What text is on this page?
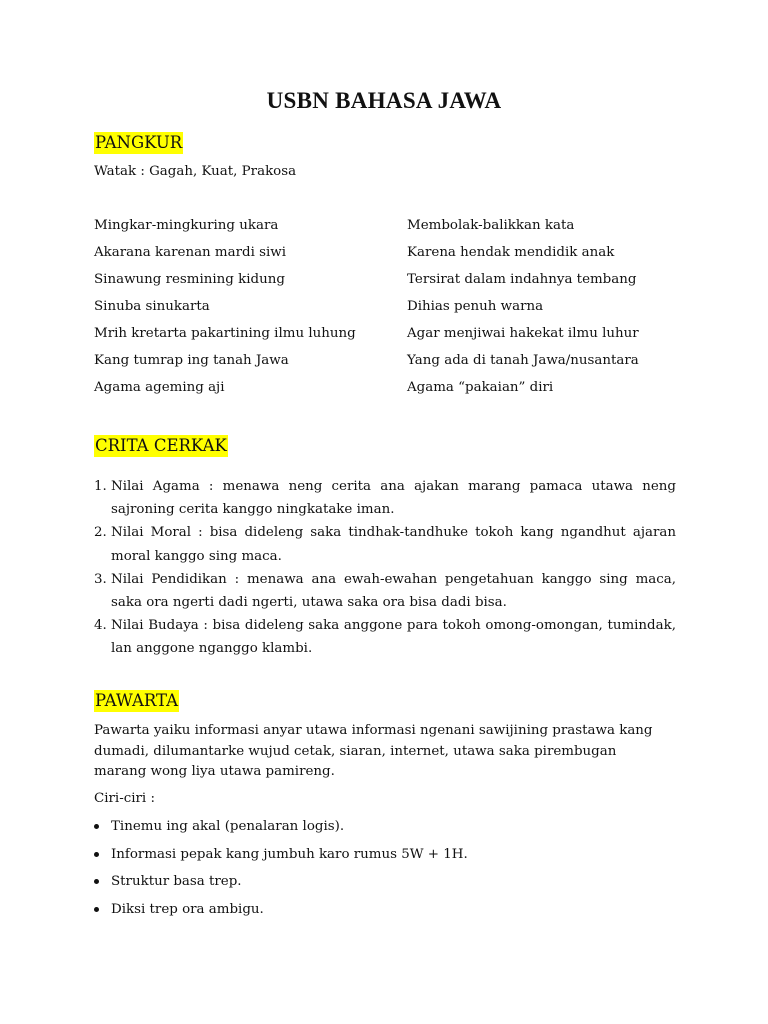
USBN BAHASA JAWA
PANGKUR
Watak : Gagah, Kuat, Prakosa
Mingkar-mingkuring ukara	Membolak-balikkan kata
Akarana karenan mardi siwi	Karena hendak mendidik anak
Sinawung resmining kidung	Tersirat dalam indahnya tembang
Sinuba sinukarta	Dihias penuh warna
Mrih kretarta pakartining ilmu luhung	Agar menjiwai hakekat ilmu luhur
Kang tumrap ing tanah Jawa	Yang ada di tanah Jawa/nusantara
Agama ageming aji	Agama “pakaian” diri
CRITA CERKAK
1. Nilai Agama : menawa neng cerita ana ajakan marang pamaca utawa neng sajroning cerita kanggo ningkatake iman.
2. Nilai Moral : bisa dideleng saka tindhak-tandhuke tokoh kang ngandhut ajaran moral kanggo sing maca.
3. Nilai Pendidikan : menawa ana ewah-ewahan pengetahuan kanggo sing maca, saka ora ngerti dadi ngerti, utawa saka ora bisa dadi bisa.
4. Nilai Budaya : bisa dideleng saka anggone para tokoh omong-omongan, tumindak, lan anggone nganggo klambi.
PAWARTA
Pawarta yaiku informasi anyar utawa informasi ngenani sawijining prastawa kang dumadi, dilumantarke wujud cetak, siaran, internet, utawa saka pirembugan marang wong liya utawa pamireng.
Ciri-ciri :
Tinemu ing akal (penalaran logis).
Informasi pepak kang jumbuh karo rumus 5W + 1H.
Struktur basa trep.
Diksi trep ora ambigu.
